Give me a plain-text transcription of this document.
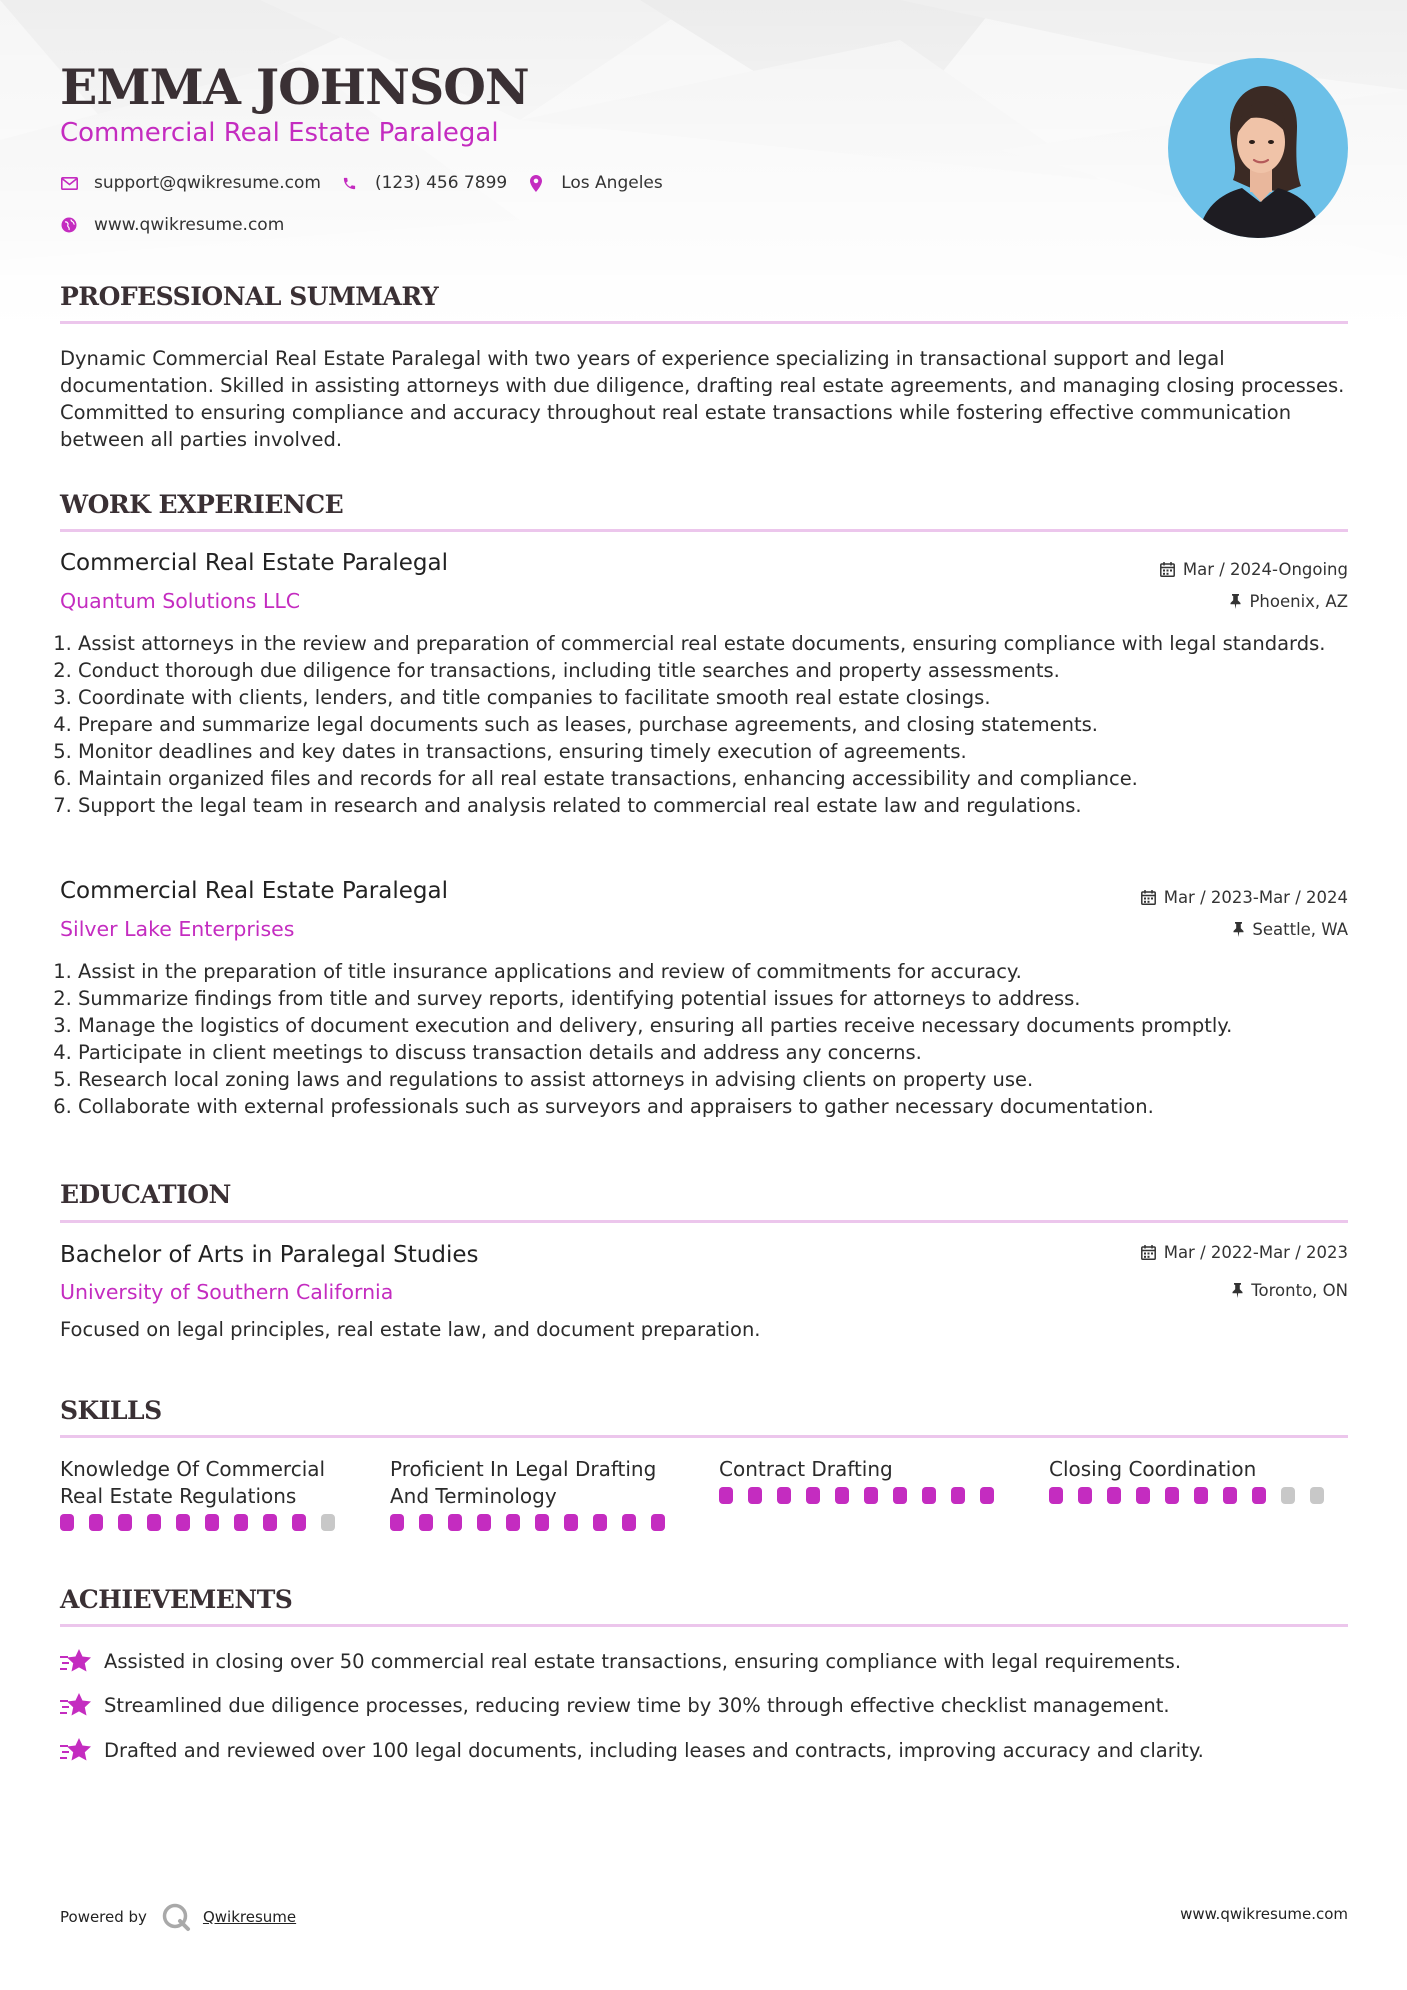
EMMA JOHNSON
Commercial Real Estate Paralegal
support@qwikresume.com	(123) 456 7899	Los Angeles
www.qwikresume.com
PROFESSIONAL SUMMARY

Dynamic Commercial Real Estate Paralegal with two years of experience specializing in transactional support and legal documentation. Skilled in assisting attorneys with due diligence, drafting real estate agreements, and managing closing processes. Committed to ensuring compliance and accuracy throughout real estate transactions while fostering effective communication between all parties involved.

WORK EXPERIENCE
Commercial Real Estate Paralegal	Mar / 2024-Ongoing
Quantum Solutions LLC	Phoenix, AZ
1. Assist attorneys in the review and preparation of commercial real estate documents, ensuring compliance with legal standards.
2. Conduct thorough due diligence for transactions, including title searches and property assessments.
3. Coordinate with clients, lenders, and title companies to facilitate smooth real estate closings.
4. Prepare and summarize legal documents such as leases, purchase agreements, and closing statements.
5. Monitor deadlines and key dates in transactions, ensuring timely execution of agreements.
6. Maintain organized files and records for all real estate transactions, enhancing accessibility and compliance.
7. Support the legal team in research and analysis related to commercial real estate law and regulations.
Commercial Real Estate Paralegal	Mar / 2023-Mar / 2024
Silver Lake Enterprises	Seattle, WA
1. Assist in the preparation of title insurance applications and review of commitments for accuracy.
2. Summarize findings from title and survey reports, identifying potential issues for attorneys to address.
3. Manage the logistics of document execution and delivery, ensuring all parties receive necessary documents promptly.
4. Participate in client meetings to discuss transaction details and address any concerns.
5. Research local zoning laws and regulations to assist attorneys in advising clients on property use.
6. Collaborate with external professionals such as surveyors and appraisers to gather necessary documentation.
EDUCATION
Bachelor of Arts in Paralegal Studies	Mar / 2022-Mar / 2023
University of Southern California	Toronto, ON

Focused on legal principles, real estate law, and document preparation.

SKILLS
Knowledge Of Commercial Real Estate Regulations
Proficient In Legal Drafting And Terminology
Contract Drafting	Closing Coordination
ACHIEVEMENTS
Assisted in closing over 50 commercial real estate transactions, ensuring compliance with legal requirements.
Streamlined due diligence processes, reducing review time by 30% through effective checklist management.
Drafted and reviewed over 100 legal documents, including leases and contracts, improving accuracy and clarity.
Powered by	Qwikresume	www.qwikresume.com
